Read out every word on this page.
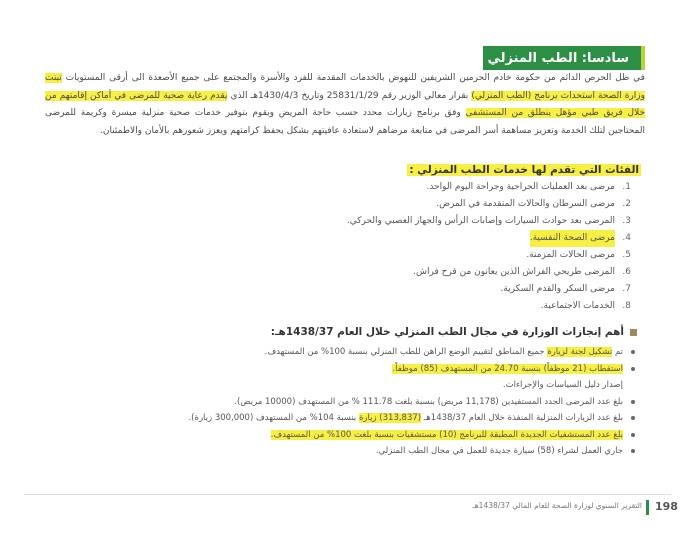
سادسا: الطب المنزلي

في ظل الحرص الدائم من حكومة خادم الحرمين الشريفين للنهوض بالخدمات المقدمة للفرد والأسرة والمجتمع على جميع الأصعدة الى أرقى المستويات تبنت وزارة الصحة استحداث برنامج (الطب المنزلي) بقرار معالي الوزير رقم 25831/1/29 وتاريخ 1430/4/3هـ الذي يقدم رعاية صحية للمرضى في أماكن إقامتهم من خلال فريق طبي مؤهل ينطلق من المستشفى وفق برنامج زيارات محدد حسب حاجة المريض ويقوم بتوفير خدمات صحية منزلية ميسرة وكريمة للمرضى المحتاجين لتلك الخدمة وتعزيز مساهمة أسر المرضى في متابعة مرضاهم لاستعادة عافيتهم بشكل يحفظ كرامتهم ويعزز شعورهم بالأمان والاطمئنان.

الفئات التي تقدم لها خدمات الطب المنزلي :
1.
مرضى بعد العمليات الجراحية وجراحة اليوم الواحد.
2.
مرضى السرطان والحالات المتقدمة في المرض.
3.
المرضى بعد حوادث السيارات وإصابات الرأس والجهاز العصبي والحركي.
4.
مرضى الصحة النفسية.
5.
مرضى الحالات المزمنة.
6.
المرضى طريحي الفراش الذين يعانون من قرح فراش.
7.
مرضى السكر والقدم السكرية.
8.
الخدمات الاجتماعية.
أهم إنجازات الوزارة في مجال الطب المنزلي خلال العام 1438/37هـ:
تم تشكيل لجنة لزيارة جميع المناطق لتقييم الوضع الراهن للطب المنزلي بنسبة 100% من المستهدف.
استقطاب (21 موظفاً) بنسبة 24.70 من المستهدف (85) موظفاً.
إصدار دليل السياسات والإجراءات.
بلغ عدد المرضى الجدد المستفيدين (11,178 مريض) بنسبة بلغت 111.78 % من المستهدف (10000 مريض).
بلغ عدد الزيارات المنزلية المنفذة خلال العام 1438/37هـ (313,837) زيارة بنسبة 104% من المستهدف (300,000 زيارة).
بلغ عدد المستشفيات الجديدة المطبقة للبرنامج (10) مستشفيات بنسبة بلغت 100% من المستهدف.
جاري العمل لشراء (58) سيارة جديدة للعمل في مجال الطب المنزلي.
التقرير السنوي لوزارة الصحة للعام المالي 1438/37هـ 198
